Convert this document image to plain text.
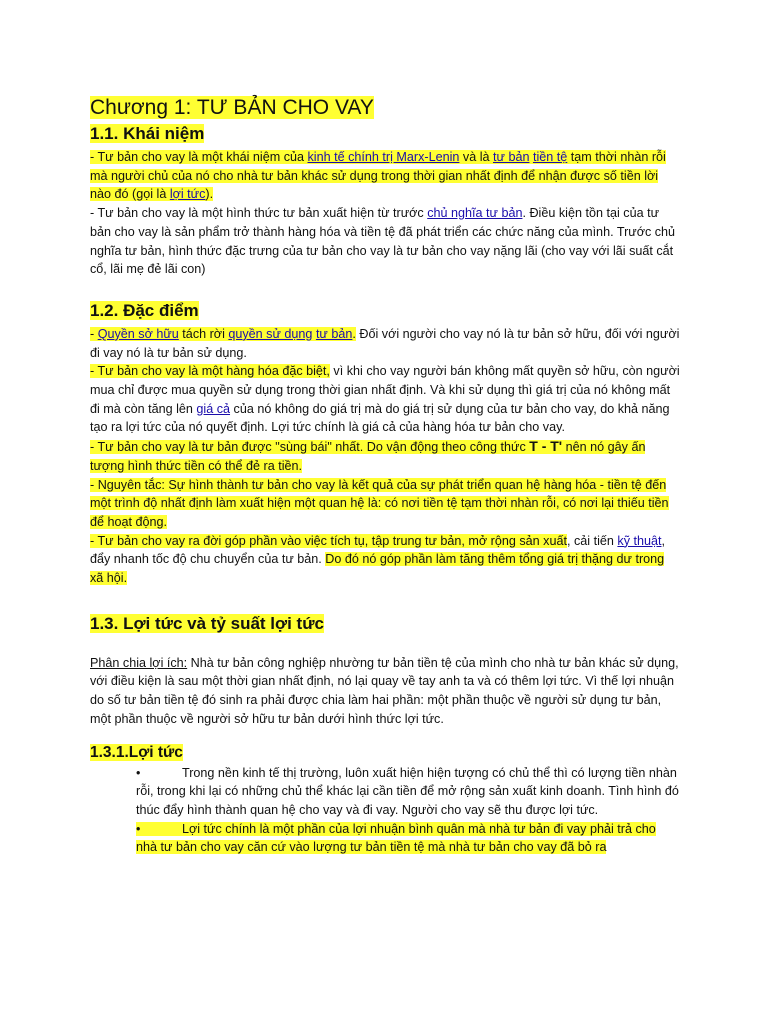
Chương 1: TƯ BẢN CHO VAY
1.1. Khái niệm

- Tư bản cho vay là một khái niệm của kinh tế chính trị Marx-Lenin và là tư bản tiền tệ tạm thời nhàn rỗi mà người chủ của nó cho nhà tư bản khác sử dụng trong thời gian nhất định để nhận được số tiền lời nào đó (gọi là lợi tức).

- Tư bản cho vay là một hình thức tư bản xuất hiện từ trước chủ nghĩa tư bản. Điều kiện tồn tại của tư bản cho vay là sản phẩm trở thành hàng hóa và tiền tệ đã phát triển các chức năng của mình. Trước chủ nghĩa tư bản, hình thức đặc trưng của tư bản cho vay là tư bản cho vay nặng lãi (cho vay với lãi suất cắt cổ, lãi mẹ đẻ lãi con)

1.2. Đặc điểm

- Quyền sở hữu tách rời quyền sử dụng tư bản. Đối với người cho vay nó là tư bản sở hữu, đối với người đi vay nó là tư bản sử dụng.

- Tư bản cho vay là một hàng hóa đặc biệt, vì khi cho vay người bán không mất quyền sở hữu, còn người mua chỉ được mua quyền sử dụng trong thời gian nhất định. Và khi sử dụng thì giá trị của nó không mất đi mà còn tăng lên giá cả của nó không do giá trị mà do giá trị sử dụng của tư bản cho vay, do khả năng tạo ra lợi tức của nó quyết định. Lợi tức chính là giá cả của hàng hóa tư bản cho vay.

- Tư bản cho vay là tư bản được "sùng bái" nhất. Do vận động theo công thức T - T' nên nó gây ấn tượng hình thức tiền có thể đẻ ra tiền.

- Nguyên tắc: Sự hình thành tư bản cho vay là kết quả của sự phát triển quan hệ hàng hóa - tiền tệ đến một trình độ nhất định làm xuất hiện một quan hệ là: có nơi tiền tệ tạm thời nhàn rỗi, có nơi lại thiếu tiền để hoạt động.

- Tư bản cho vay ra đời góp phần vào việc tích tụ, tập trung tư bản, mở rộng sản xuất, cải tiến kỹ thuật, đẩy nhanh tốc độ chu chuyển của tư bản. Do đó nó góp phần làm tăng thêm tổng giá trị thặng dư trong xã hội.

1.3. Lợi tức và tỷ suất lợi tức

Phân chia lợi ích: Nhà tư bản công nghiệp nhường tư bản tiền tệ của mình cho nhà tư bản khác sử dụng, với điều kiện là sau một thời gian nhất định, nó lại quay về tay anh ta và có thêm lợi tức. Vì thế lợi nhuận do số tư bản tiền tệ đó sinh ra phải được chia làm hai phần: một phần thuộc về người sử dụng tư bản, một phần thuộc về người sở hữu tư bản dưới hình thức lợi tức.

1.3.1.Lợi tức
•	Trong nền kinh tế thị trường, luôn xuất hiện hiện tượng có chủ thể thì có lượng tiền nhàn rỗi, trong khi lại có những chủ thể khác lại cần tiền để mở rộng sản xuất kinh doanh. Tình hình đó thúc đẩy hình thành quan hệ cho vay và đi vay. Người cho vay sẽ thu được lợi tức.
•	Lợi tức chính là một phần của lợi nhuận bình quân mà nhà tư bản đi vay phải trả cho nhà tư bản cho vay căn cứ vào lượng tư bản tiền tệ mà nhà tư bản cho vay đã bỏ ra
